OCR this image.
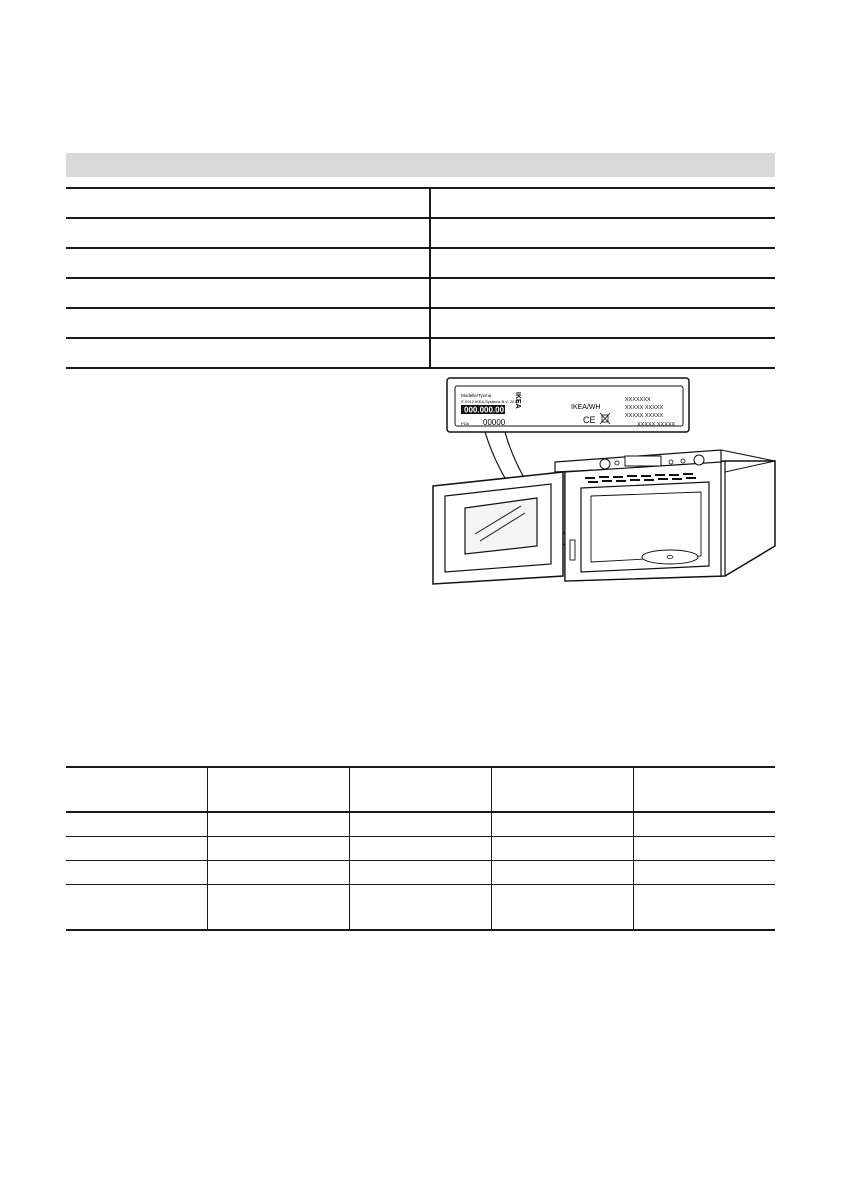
Modelle/Tyvma
© 2012 IKEA Systems B.V. 2012
000.000.00
PDA 00000
IKEA	IKEA/WH
CE
XXXXXXX
XXXXX XXXXX
XXXXX XXXXX
XXXXX XXXXX
